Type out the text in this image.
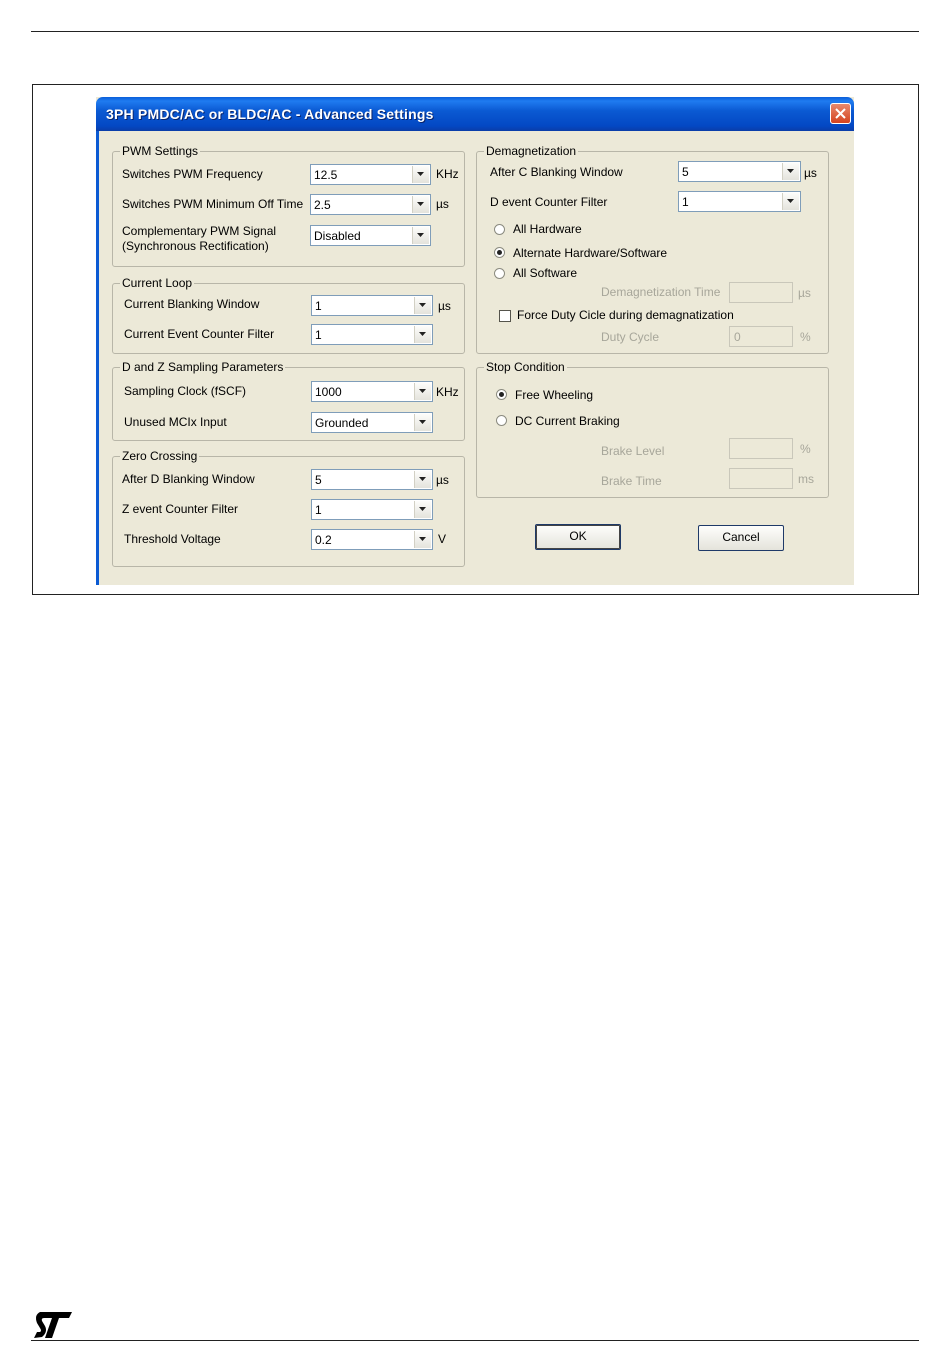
3PH PMDC/AC or BLDC/AC - Advanced Settings
PWM Settings
Switches PWM Frequency	12.5	KHz
Switches PWM Minimum Off Time 2.5	µs
Complementary PWM Signal
(Synchronous Rectification)
Disabled
Current Loop
Current Blanking Window	1	µs
Current Event Counter Filter	1
D and Z Sampling Parameters
Sampling Clock (fSCF)	1000	KHz
Unused MCIx Input	Grounded
Zero Crossing
After D Blanking Window	5	µs
Z event Counter Filter	1
Threshold Voltage	0.2	V
Demagnetization
After C Blanking Window	5	µs
D event Counter Filter	1
All Hardware
Alternate Hardware/Software
All Software
Demagnetization Time	µs
Force Duty Cicle during demagnatization
Duty Cycle	0	%
Stop Condition
Free Wheeling
DC Current Braking
Brake Level	%
Brake Time	ms
OK	Cancel
